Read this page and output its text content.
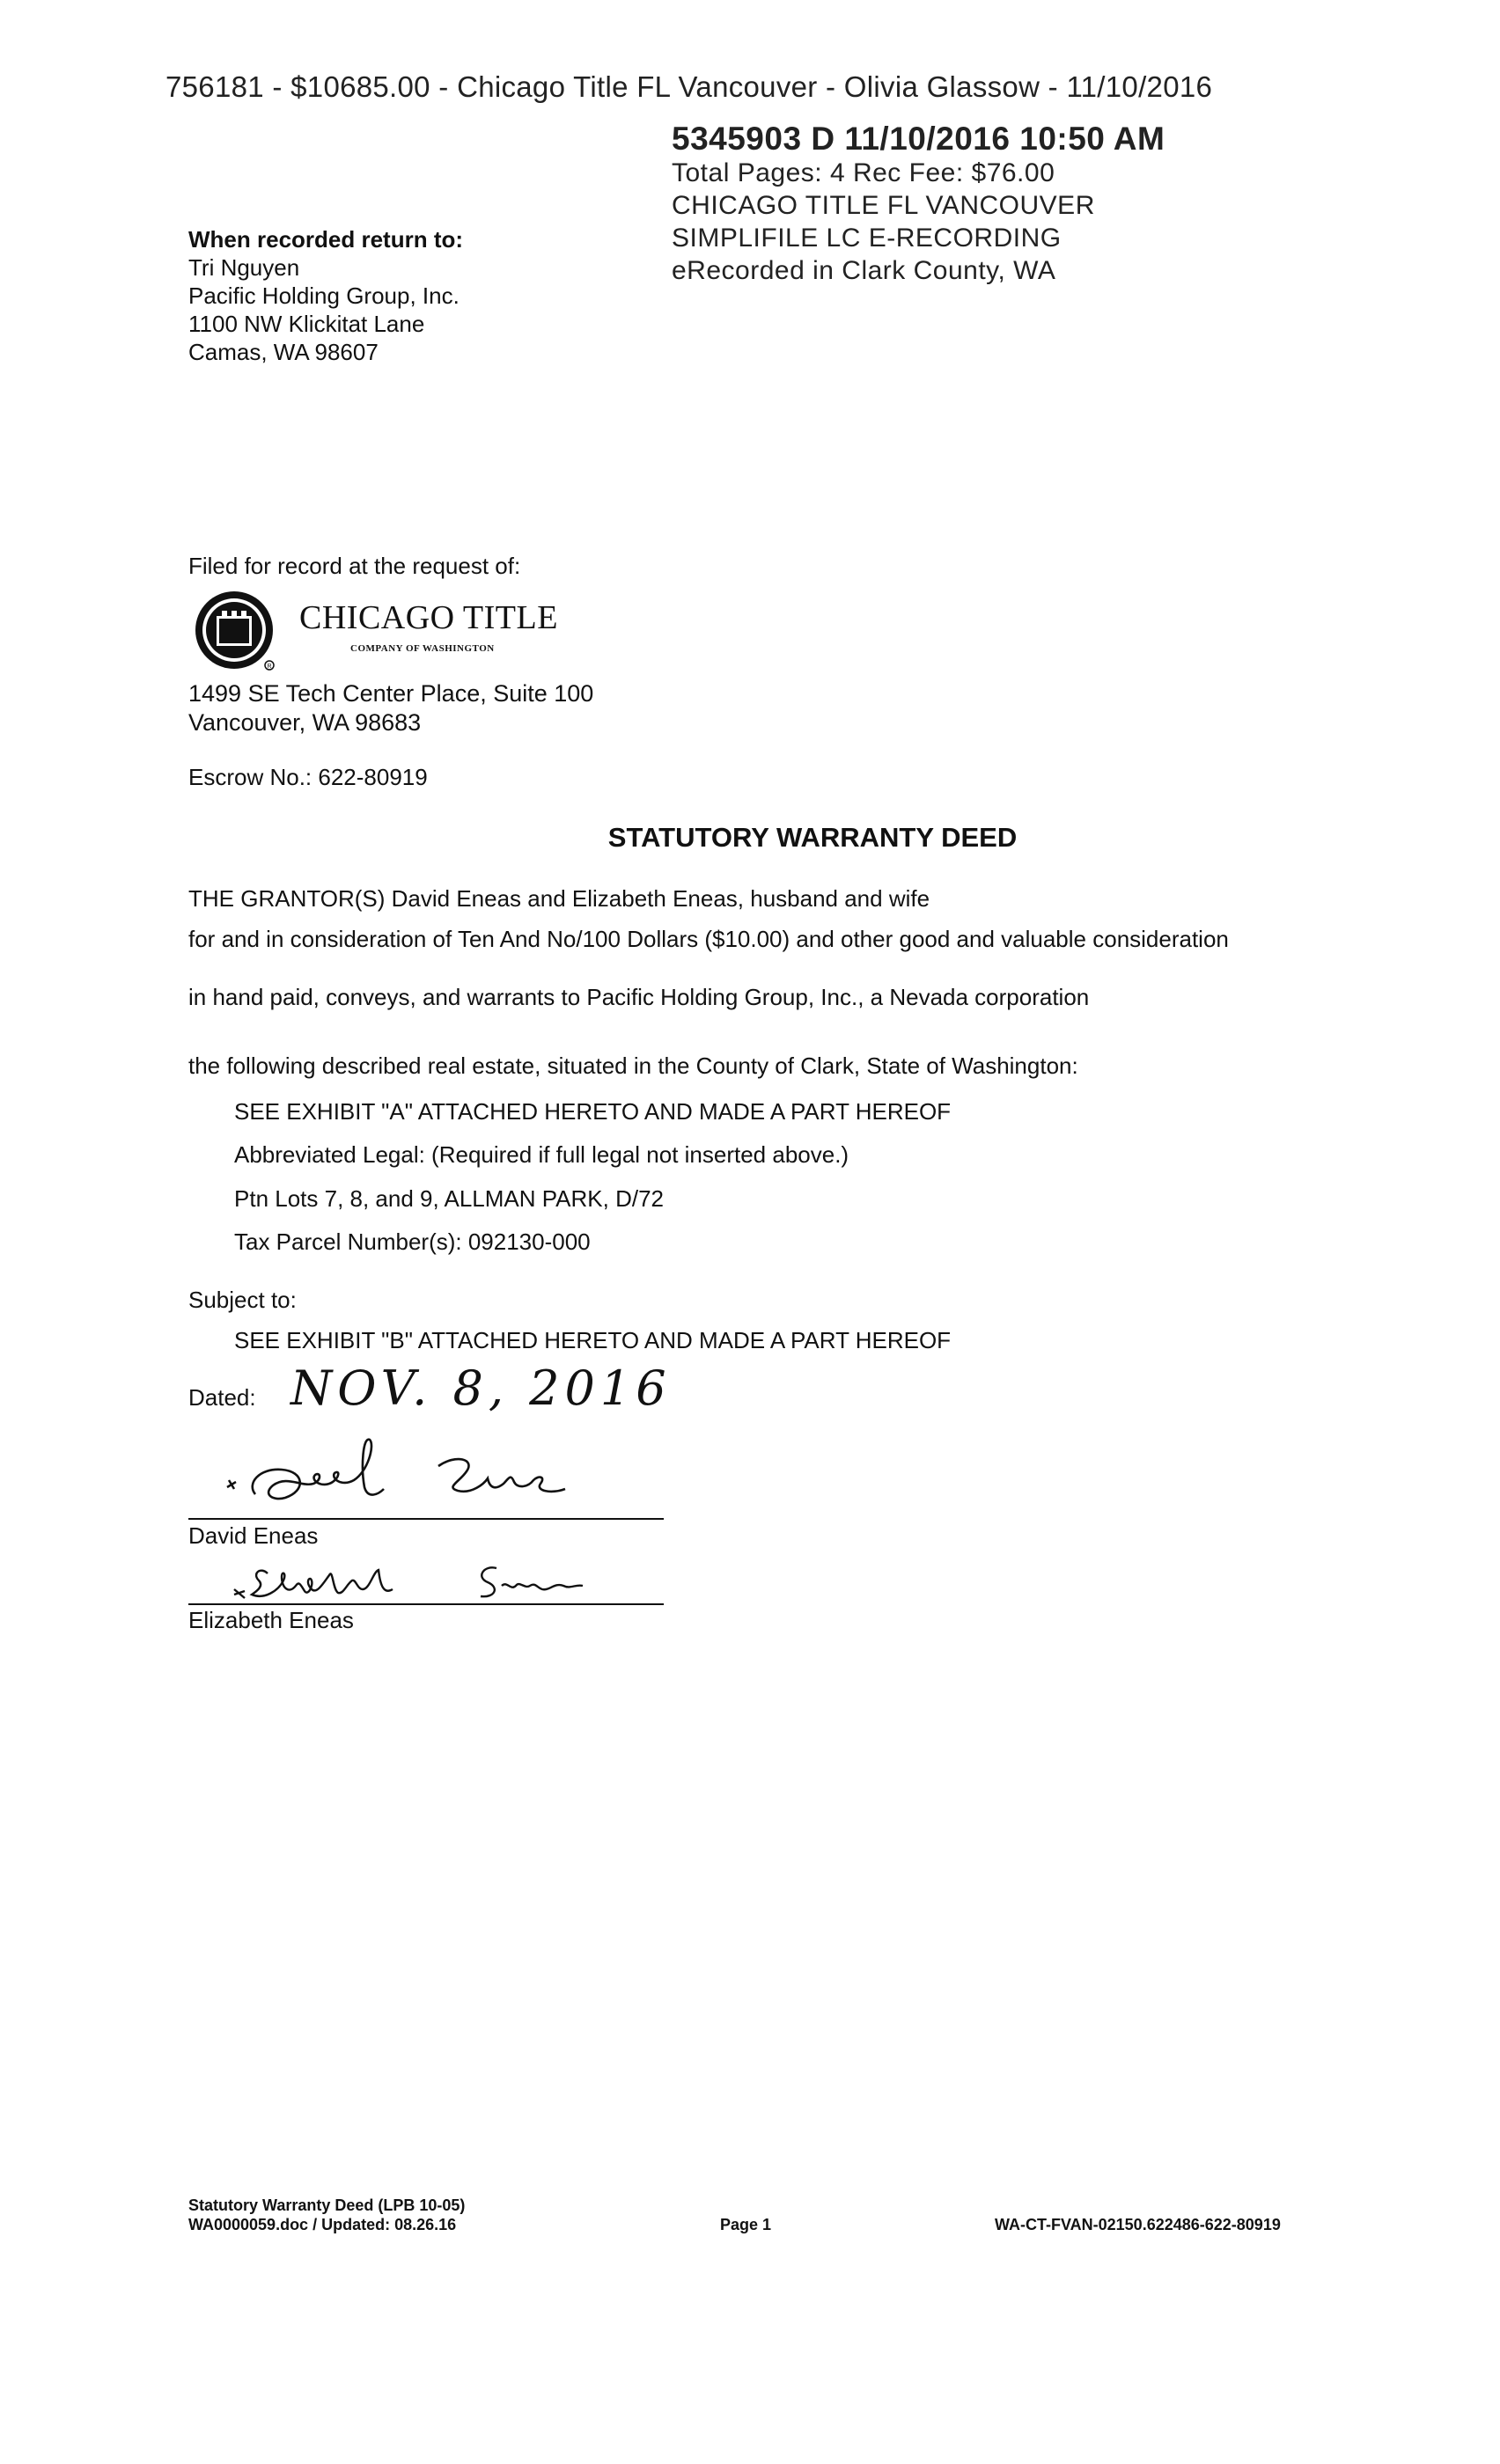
756181 - $10685.00 - Chicago Title FL Vancouver - Olivia Glassow - 11/10/2016
5345903 D 11/10/2016 10:50 AM
Total Pages: 4 Rec Fee: $76.00
CHICAGO TITLE FL VANCOUVER
SIMPLIFILE LC E-RECORDING
eRecorded in Clark County, WA
When recorded return to:
Tri Nguyen
Pacific Holding Group, Inc.
1100 NW Klickitat Lane
Camas, WA 98607
Filed for record at the request of:
R
CHICAGO TITLE
COMPANY OF WASHINGTON
1499 SE Tech Center Place, Suite 100
Vancouver, WA 98683
Escrow No.: 622-80919
STATUTORY WARRANTY DEED
THE GRANTOR(S) David Eneas and Elizabeth Eneas, husband and wife
for and in consideration of Ten And No/100 Dollars ($10.00) and other good and valuable consideration
in hand paid, conveys, and warrants to Pacific Holding Group, Inc., a Nevada corporation
the following described real estate, situated in the County of Clark, State of Washington:
SEE EXHIBIT "A" ATTACHED HERETO AND MADE A PART HEREOF
Abbreviated Legal: (Required if full legal not inserted above.)
Ptn Lots 7, 8, and 9, ALLMAN PARK, D/72
Tax Parcel Number(s): 092130-000
Subject to:
SEE EXHIBIT "B" ATTACHED HERETO AND MADE A PART HEREOF
Dated: NOV. 8, 2016
David Eneas
Elizabeth Eneas
Statutory Warranty Deed (LPB 10-05)
WA0000059.doc / Updated: 08.26.16	Page 1	WA-CT-FVAN-02150.622486-622-80919
